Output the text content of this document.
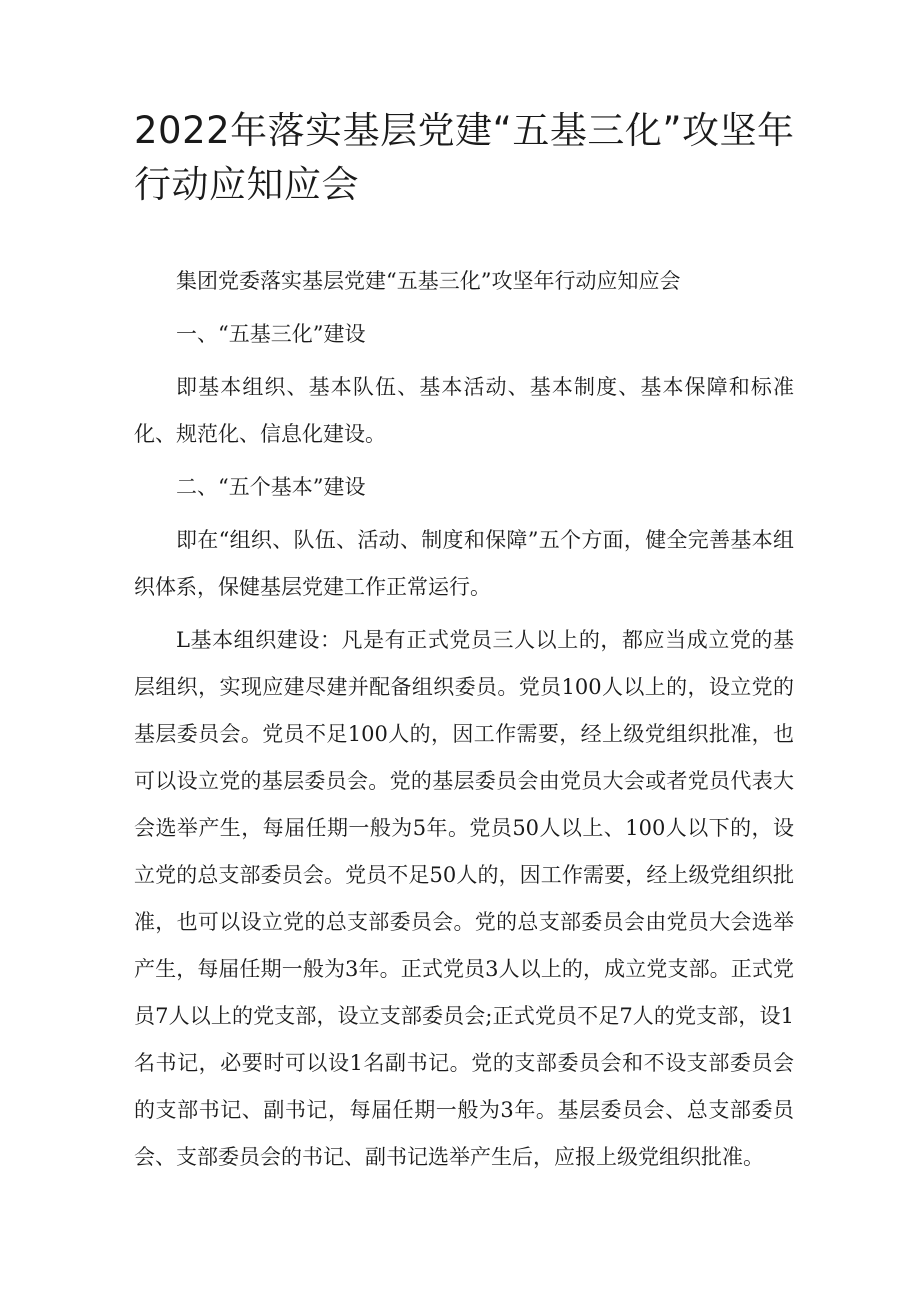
2022年落实基层党建“五基三化”攻坚年行动应知应会

集团党委落实基层党建“五基三化”攻坚年行动应知应会

一、“五基三化”建设

即基本组织、基本队伍、基本活动、基本制度、基本保障和标准化、规范化、信息化建设。

二、“五个基本”建设

即在“组织、队伍、活动、制度和保障”五个方面，健全完善基本组织体系，保健基层党建工作正常运行。

L基本组织建设：凡是有正式党员三人以上的，都应当成立党的基层组织，实现应建尽建并配备组织委员。党员100人以上的，设立党的基层委员会。党员不足100人的，因工作需要，经上级党组织批准，也可以设立党的基层委员会。党的基层委员会由党员大会或者党员代表大会选举产生，每届任期一般为5年。党员50人以上、100人以下的，设立党的总支部委员会。党员不足50人的，因工作需要，经上级党组织批准，也可以设立党的总支部委员会。党的总支部委员会由党员大会选举产生，每届任期一般为3年。正式党员3人以上的，成立党支部。正式党员7人以上的党支部，设立支部委员会;正式党员不足7人的党支部，设1名书记，必要时可以设1名副书记。党的支部委员会和不设支部委员会的支部书记、副书记，每届任期一般为3年。基层委员会、总支部委员会、支部委员会的书记、副书记选举产生后，应报上级党组织批准。
